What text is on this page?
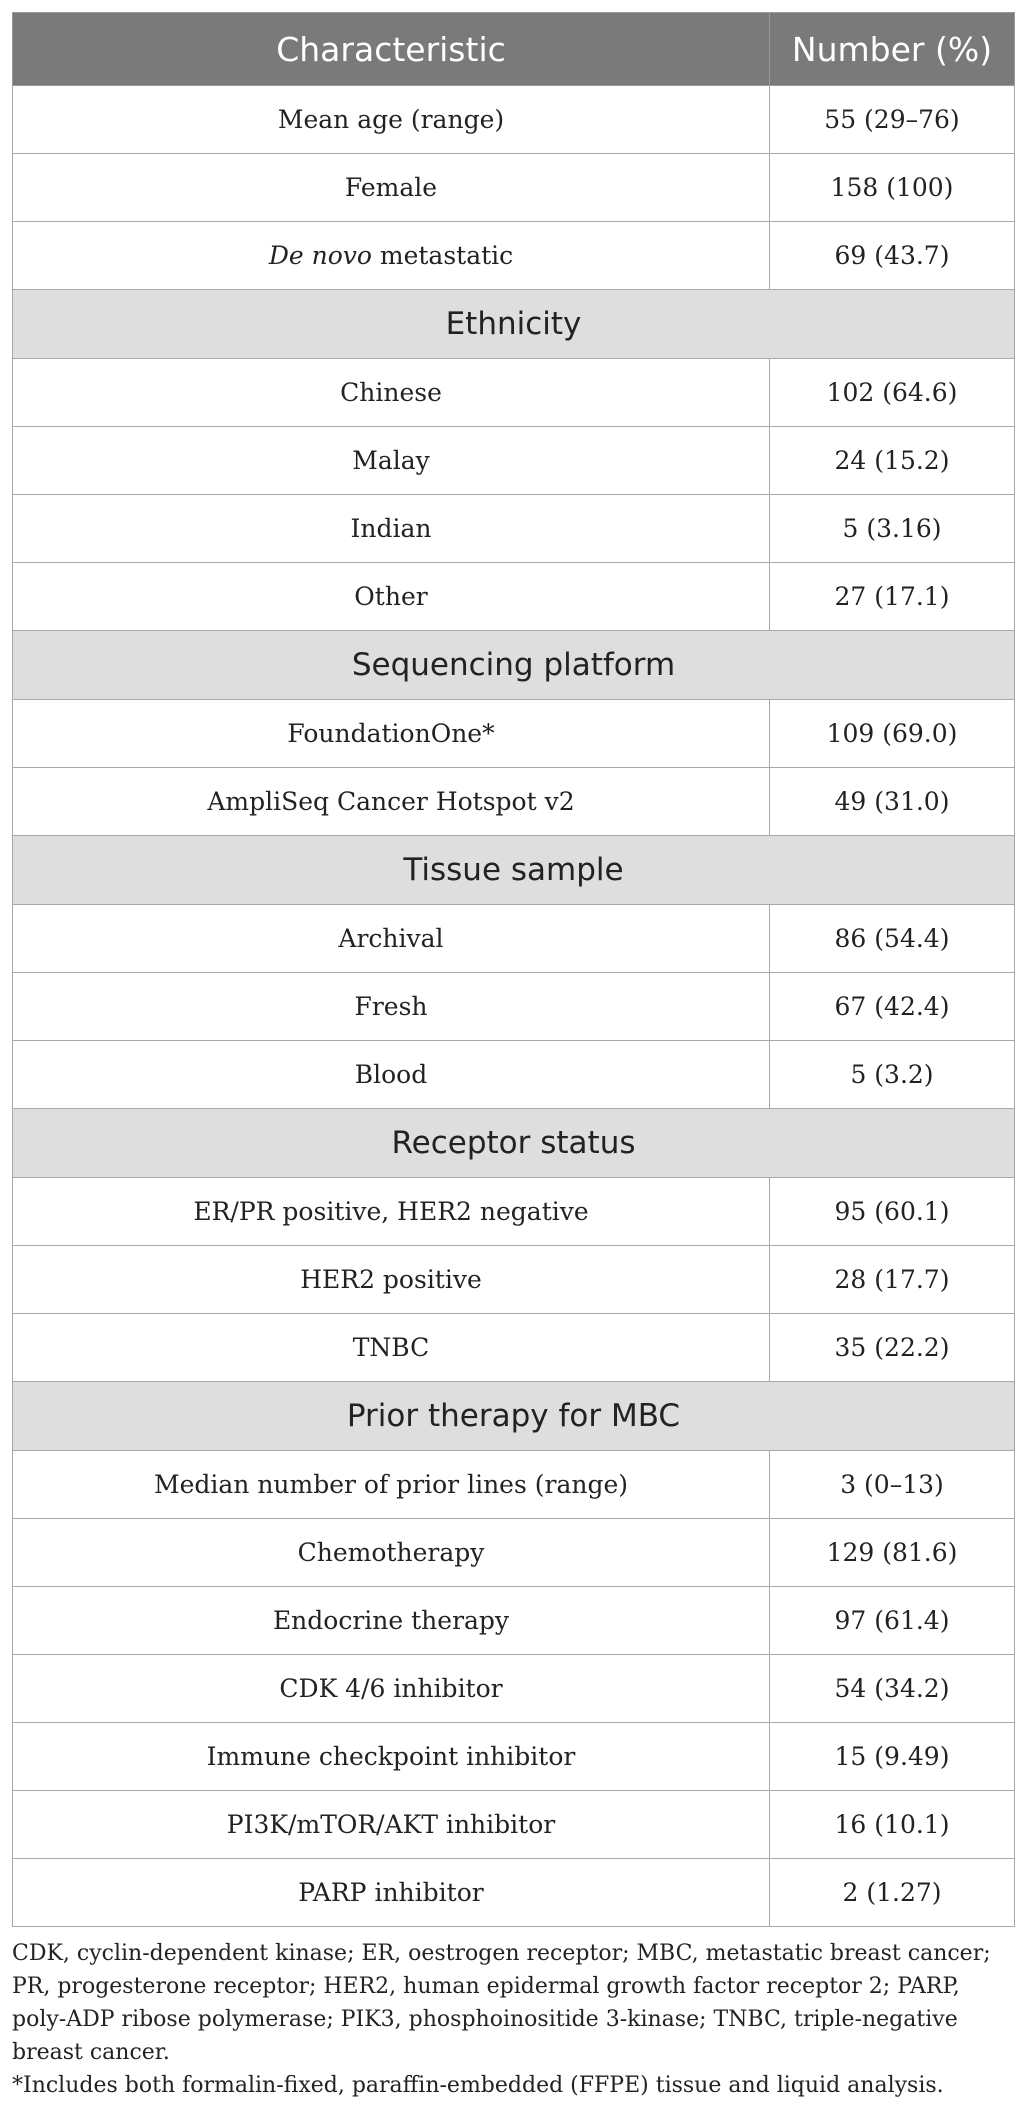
Characteristic	Number (%)
Mean age (range)	55 (29–76)
Female	158 (100)
De novo metastatic	69 (43.7)
Ethnicity	
Chinese	102 (64.6)
Malay	24 (15.2)
Indian	5 (3.16)
Other	27 (17.1)
Sequencing platform	
FoundationOne*	109 (69.0)
AmpliSeq Cancer Hotspot v2	49 (31.0)
Tissue sample	
Archival	86 (54.4)
Fresh	67 (42.4)
Blood	5 (3.2)
Receptor status	
ER/PR positive, HER2 negative	95 (60.1)
HER2 positive	28 (17.7)
TNBC	35 (22.2)
Prior therapy for MBC	
Median number of prior lines (range)	3 (0–13)
Chemotherapy	129 (81.6)
Endocrine therapy	97 (61.4)
CDK 4/6 inhibitor	54 (34.2)
Immune checkpoint inhibitor	15 (9.49)
PI3K/mTOR/AKT inhibitor	16 (10.1)
PARP inhibitor	2 (1.27)

CDK, cyclin-dependent kinase; ER, oestrogen receptor; MBC, metastatic breast cancer; PR, progesterone receptor; HER2, human epidermal growth factor receptor 2; PARP, poly-ADP ribose polymerase; PIK3, phosphoinositide 3-kinase; TNBC, triple-negative breast cancer.

*Includes both formalin-fixed, paraffin-embedded (FFPE) tissue and liquid analysis.
